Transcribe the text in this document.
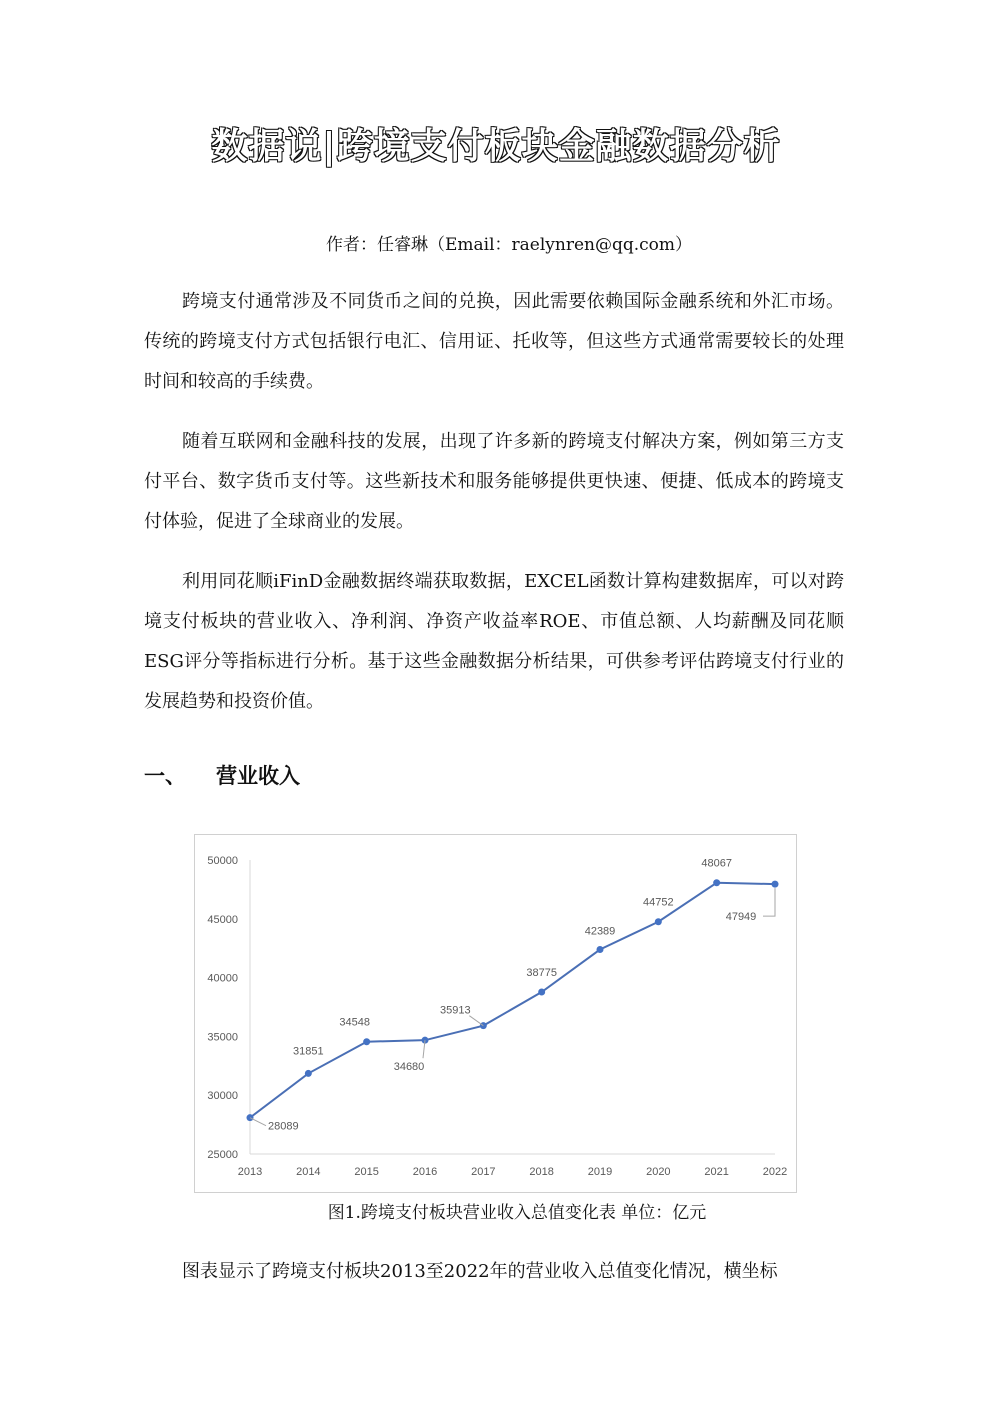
数据说|跨境支付板块金融数据分析
作者：任睿琳（Email：raelynren@qq.com）

跨境支付通常涉及不同货币之间的兑换，因此需要依赖国际金融系统和外汇市场。传统的跨境支付方式包括银行电汇、信用证、托收等，但这些方式通常需要较长的处理时间和较高的手续费。

随着互联网和金融科技的发展，出现了许多新的跨境支付解决方案，例如第三方支付平台、数字货币支付等。这些新技术和服务能够提供更快速、便捷、低成本的跨境支付体验，促进了全球商业的发展。

利用同花顺iFinD金融数据终端获取数据，EXCEL函数计算构建数据库，可以对跨境支付板块的营业收入、净利润、净资产收益率ROE、市值总额、人均薪酬及同花顺ESG评分等指标进行分析。基于这些金融数据分析结果，可供参考评估跨境支付行业的发展趋势和投资价值。

一、 营业收入
25000
30000
35000
40000
45000
50000
2013	2014	2015	2016	2017	2018	2019	2020	2021	2022
28089
31851
34548
34680
35913
38775
42389
44752
48067
47949
图1.跨境支付板块营业收入总值变化表 单位：亿元

图表显示了跨境支付板块2013至2022年的营业收入总值变化情况，横坐标
